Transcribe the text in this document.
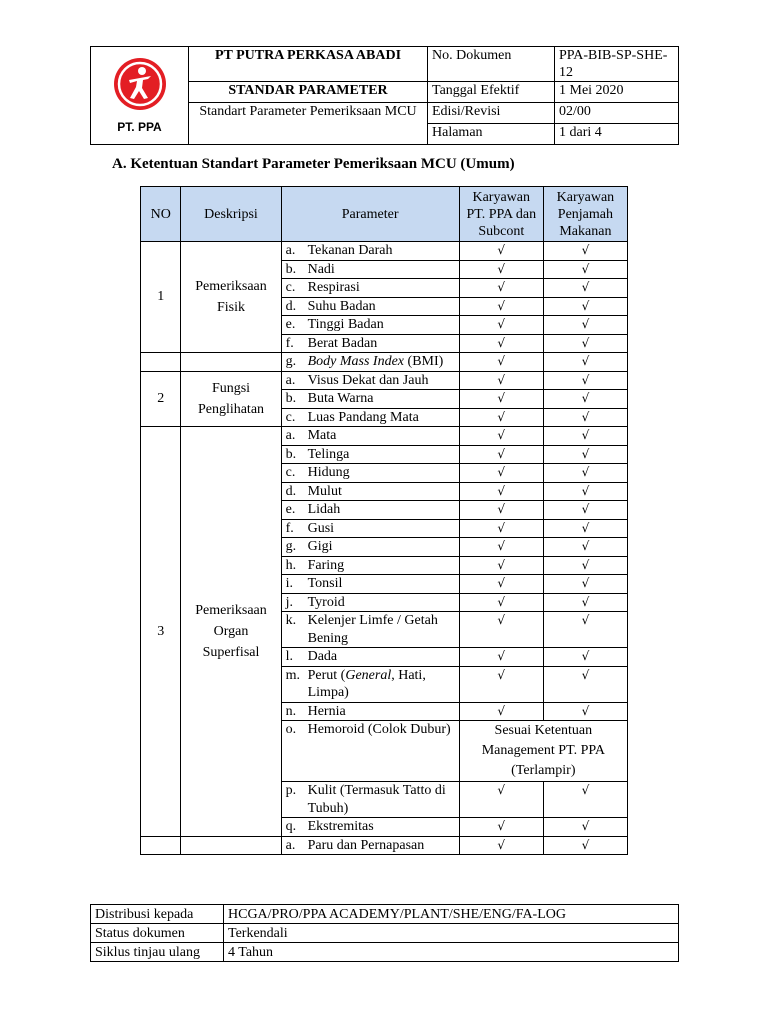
PT. PPA	PT PUTRA PERKASA ABADI	No. Dokumen	PPA-BIB-SP-SHE-12
	STANDAR PARAMETER	Tanggal Efektif	1 Mei 2020
	Standart Parameter Pemeriksaan MCU	Edisi/Revisi	02/00
		Halaman	1 dari 4
A. Ketentuan Standart Parameter Pemeriksaan MCU (Umum)
NO	Deskripsi	Parameter	Karyawan PT. PPA dan Subcont	Karyawan Penjamah Makanan
1	Pemeriksaan Fisik	a. Tekanan Darah	√	√
		b. Nadi	√	√
		c. Respirasi	√	√
		d. Suhu Badan	√	√
		e. Tinggi Badan	√	√
		f. Berat Badan	√	√
		g. Body Mass Index (BMI)	√	√
2	Fungsi Penglihatan	a. Visus Dekat dan Jauh	√	√
		b. Buta Warna	√	√
		c. Luas Pandang Mata	√	√
3	Pemeriksaan Organ Superfisal	a. Mata	√	√
		b. Telinga	√	√
		c. Hidung	√	√
		d. Mulut	√	√
		e. Lidah	√	√
		f. Gusi	√	√
		g. Gigi	√	√
		h. Faring	√	√
		i. Tonsil	√	√
		j. Tyroid	√	√
		k. Kelenjer Limfe / Getah Bening	√	√
		l. Dada	√	√
		m. Perut (General, Hati, Limpa)	√	√
		n. Hernia	√	√
		o. Hemoroid (Colok Dubur)	Sesuai Ketentuan Management PT. PPA (Terlampir)	
		p. Kulit (Termasuk Tatto di Tubuh)	√	√
		q. Ekstremitas	√	√
		a. Paru dan Pernapasan	√	√
Distribusi kepada	HCGA/PRO/PPA ACADEMY/PLANT/SHE/ENG/FA-LOG
Status dokumen	Terkendali
Siklus tinjau ulang	4 Tahun
